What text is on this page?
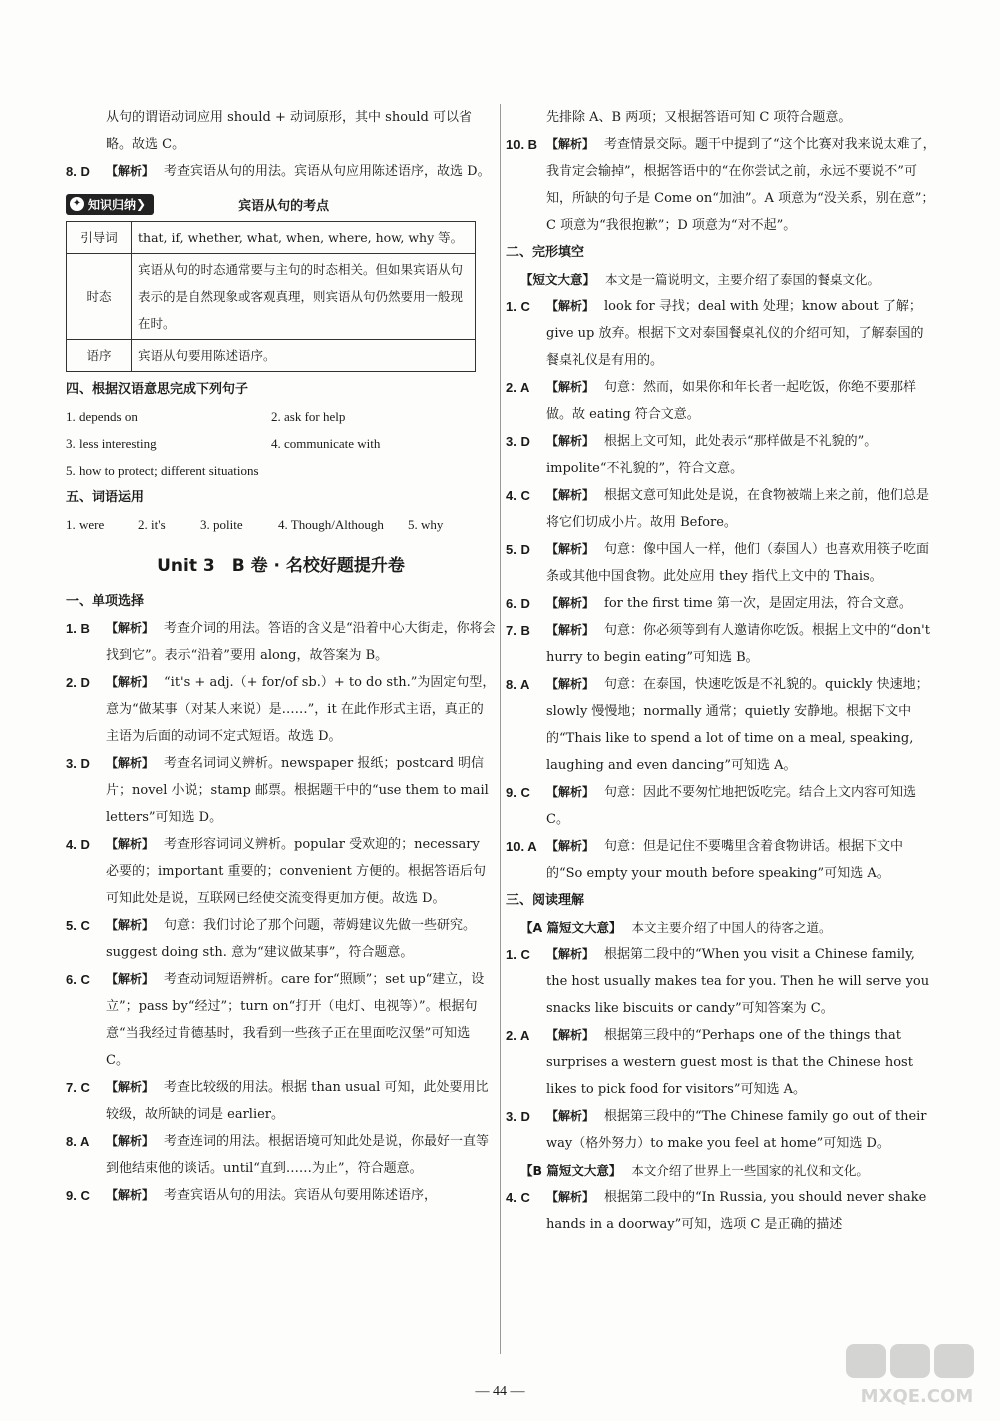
从句的谓语动词应用 should + 动词原形，其中 should 可以省
略。故选 C。
8. D	【解析】 考查宾语从句的用法。宾语从句应用陈述语序，故选 D。
✦ 知识归纳 ❯	宾语从句的考点
引导词	that, if, whether, what, when, where, how, why 等。
时态	宾语从句的时态通常要与主句的时态相关。但如果宾语从句表示的是自然现象或客观真理，则宾语从句仍然要用一般现在时。
语序	宾语从句要用陈述语序。
四、根据汉语意思完成下列句子
1. depends on	2. ask for help
3. less interesting	4. communicate with
5. how to protect; different situations
五、词语运用
1. were	2. it's	3. polite	4. Though/Although	5. why
Unit 3　B 卷 · 名校好题提升卷
一、单项选择
1. B	【解析】 考查介词的用法。答语的含义是“沿着中心大街走，你将会找到它”。表示“沿着”要用 along，故答案为 B。
2. D	【解析】 “it's + adj.（+ for/of sb.）+ to do sth.”为固定句型，意为“做某事（对某人来说）是……”，it 在此作形式主语，真正的主语为后面的动词不定式短语。故选 D。
3. D	【解析】 考查名词词义辨析。newspaper 报纸；postcard 明信片；novel 小说；stamp 邮票。根据题干中的“use them to mail letters”可知选 D。
4. D	【解析】 考查形容词词义辨析。popular 受欢迎的；necessary 必要的；important 重要的；convenient 方便的。根据答语后句可知此处是说，互联网已经使交流变得更加方便。故选 D。
5. C	【解析】 句意：我们讨论了那个问题，蒂姆建议先做一些研究。suggest doing sth. 意为“建议做某事”，符合题意。
6. C	【解析】 考查动词短语辨析。care for“照顾”；set up“建立，设立”；pass by“经过”；turn on“打开（电灯、电视等）”。根据句意“当我经过肯德基时，我看到一些孩子正在里面吃汉堡”可知选 C。
7. C	【解析】 考查比较级的用法。根据 than usual 可知，此处要用比较级，故所缺的词是 earlier。
8. A	【解析】 考查连词的用法。根据语境可知此处是说，你最好一直等到他结束他的谈话。until“直到……为止”，符合题意。
9. C	【解析】 考查宾语从句的用法。宾语从句要用陈述语序，
先排除 A、B 两项；又根据答语可知 C 项符合题意。
10. B 【解析】 考查情景交际。题干中提到了“这个比赛对我来说太难了，我肯定会输掉”，根据答语中的“在你尝试之前，永远不要说不”可知，所缺的句子是 Come on“加油”。A 项意为“没关系，别在意”；C 项意为“我很抱歉”；D 项意为“对不起”。
二、完形填空
【短文大意】 本文是一篇说明文，主要介绍了泰国的餐桌文化。
1. C	【解析】 look for 寻找；deal with 处理；know about 了解；give up 放弃。根据下文对泰国餐桌礼仪的介绍可知，了解泰国的餐桌礼仪是有用的。
2. A	【解析】 句意：然而，如果你和年长者一起吃饭，你绝不要那样做。故 eating 符合文意。
3. D	【解析】 根据上文可知，此处表示“那样做是不礼貌的”。impolite“不礼貌的”，符合文意。
4. C	【解析】 根据文意可知此处是说，在食物被端上来之前，他们总是将它们切成小片。故用 Before。
5. D	【解析】 句意：像中国人一样，他们（泰国人）也喜欢用筷子吃面条或其他中国食物。此处应用 they 指代上文中的 Thais。
6. D	【解析】 for the first time 第一次，是固定用法，符合文意。
7. B	【解析】 句意：你必须等到有人邀请你吃饭。根据上文中的“don't hurry to begin eating”可知选 B。
8. A	【解析】 句意：在泰国，快速吃饭是不礼貌的。quickly 快速地；slowly 慢慢地；normally 通常；quietly 安静地。根据下文中的“Thais like to spend a lot of time on a meal, speaking, laughing and even dancing”可知选 A。
9. C	【解析】 句意：因此不要匆忙地把饭吃完。结合上文内容可知选 C。
10. A 【解析】 句意：但是记住不要嘴里含着食物讲话。根据下文中的“So empty your mouth before speaking”可知选 A。
三、阅读理解
【A 篇短文大意】 本文主要介绍了中国人的待客之道。
1. C	【解析】 根据第二段中的“When you visit a Chinese family, the host usually makes tea for you. Then he will serve you snacks like biscuits or candy”可知答案为 C。
2. A	【解析】 根据第三段中的“Perhaps one of the things that surprises a western guest most is that the Chinese host likes to pick food for visitors”可知选 A。
3. D	【解析】 根据第三段中的“The Chinese family go out of their way（格外努力）to make you feel at home”可知选 D。
【B 篇短文大意】 本文介绍了世界上一些国家的礼仪和文化。
4. C	【解析】 根据第二段中的“In Russia, you should never shake hands in a doorway”可知，选项 C 是正确的描述
— 44 —	MXQE.COM
